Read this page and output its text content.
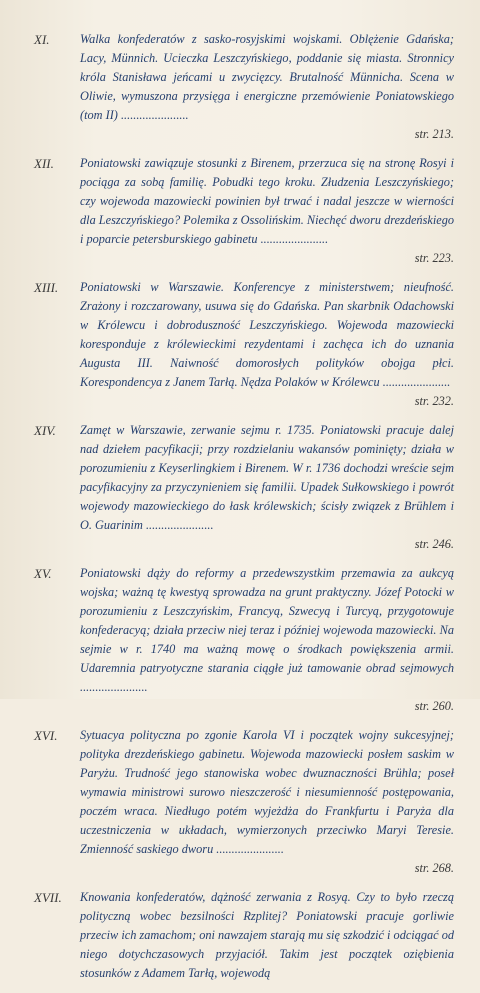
XI. Walka konfederatów z sasko-rosyjskimi wojskami. Oblężenie Gdańska; Lacy, Münnich. Ucieczka Leszczyńskiego, poddanie się miasta. Stronnicy króla Stanisława jeńcami u zwycięzcy. Brutalność Münnicha. Scena w Oliwie, wymuszona przysięga i energiczne przemówienie Poniatowskiego (tom II) ......................
str. 213.
XII. Poniatowski zawiązuje stosunki z Birenem, przerzuca się na stronę Rosyi i pociąga za sobą familię. Pobudki tego kroku. Złudzenia Leszczyńskiego; czy wojewoda mazowiecki powinien był trwać i nadal jeszcze w wierności dla Leszczyńskiego? Polemika z Ossolińskim. Niechęć dworu drezdeńskiego i poparcie petersburskiego gabinetu ......................
str. 223.
XIII. Poniatowski w Warszawie. Konferencye z ministerstwem; nieufność. Zrażony i rozczarowany, usuwa się do Gdańska. Pan skarbnik Odachowski w Królewcu i dobroduszność Leszczyńskiego. Wojewoda mazowiecki koresponduje z królewieckimi rezydentami i zachęca ich do uznania Augusta III. Naiwność domorosłych polityków obojga płci. Korespondencya z Janem Tarłą. Nędza Polaków w Królewcu ......................
str. 232.
XIV. Zamęt w Warszawie, zerwanie sejmu r. 1735. Poniatowski pracuje dalej nad dziełem pacyfikacji; przy rozdzielaniu wakansów pominięty; działa w porozumieniu z Keyserlingkiem i Birenem. W r. 1736 dochodzi wreście sejm pacyfikacyjny za przyczynieniem się familii. Upadek Sułkowskiego i powrót wojewody mazowieckiego do łask królewskich; ścisły związek z Brühlem i O. Guarinim ......................
str. 246.
XV. Poniatowski dąży do reformy a przedewszystkim przemawia za aukcyą wojska; ważną tę kwestyą sprowadza na grunt praktyczny. Józef Potocki w porozumieniu z Leszczyńskim, Francyą, Szwecyą i Turcyą, przygotowuje konfederacyą; działa przeciw niej teraz i później wojewoda mazowiecki. Na sejmie w r. 1740 ma ważną mowę o środkach powiększenia armii. Udaremnia patryotyczne starania ciągłe już tamowanie obrad sejmowych ......................
str. 260.
XVI. Sytuacya polityczna po zgonie Karola VI i początek wojny sukcesyjnej; polityka drezdeńskiego gabinetu. Wojewoda mazowiecki posłem saskim w Paryżu. Trudność jego stanowiska wobec dwuznaczności Brühla; poseł wymawia ministrowi surowo nieszczerość i niesumienność postępowania, poczém wraca. Niedługo potém wyjeżdża do Frankfurtu i Paryża dla uczestniczenia w układach, wymierzonych przeciwko Maryi Teresie. Zmienność saskiego dworu ......................
str. 268.
XVII. Knowania konfederatów, dążność zerwania z Rosyą. Czy to było rzeczą polityczną wobec bezsilności Rzplitej? Poniatowski pracuje gorliwie przeciw ich zamachom; oni nawzajem starają mu się szkodzić i odciągać od niego dotychczasowych przyjaciół. Takim jest początek oziębienia stosunków z Adamem Tarłą, wojewodą
